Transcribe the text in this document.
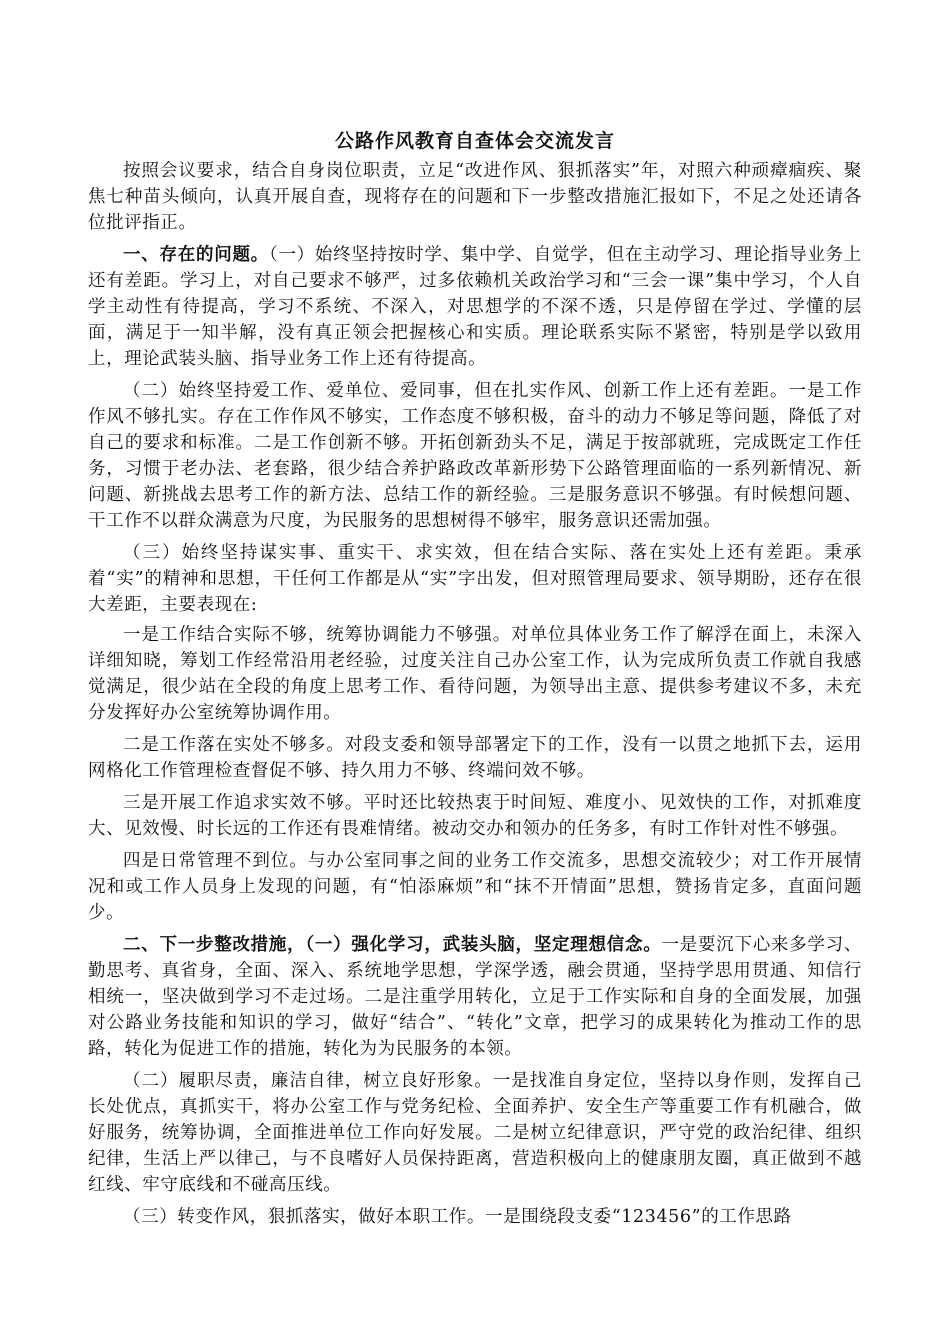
公路作风教育自查体会交流发言

按照会议要求，结合自身岗位职责，立足“改进作风、狠抓落实”年，对照六种顽瘴痼疾、聚焦七种苗头倾向，认真开展自查，现将存在的问题和下一步整改措施汇报如下，不足之处还请各位批评指正。

一、存在的问题。（一）始终坚持按时学、集中学、自觉学，但在主动学习、理论指导业务上还有差距。学习上，对自己要求不够严，过多依赖机关政治学习和“三会一课”集中学习，个人自学主动性有待提高，学习不系统、不深入，对思想学的不深不透，只是停留在学过、学懂的层面，满足于一知半解，没有真正领会把握核心和实质。理论联系实际不紧密，特别是学以致用上，理论武装头脑、指导业务工作上还有待提高。

（二）始终坚持爱工作、爱单位、爱同事，但在扎实作风、创新工作上还有差距。一是工作作风不够扎实。存在工作作风不够实，工作态度不够积极，奋斗的动力不够足等问题，降低了对自己的要求和标准。二是工作创新不够。开拓创新劲头不足，满足于按部就班，完成既定工作任务，习惯于老办法、老套路，很少结合养护路政改革新形势下公路管理面临的一系列新情况、新问题、新挑战去思考工作的新方法、总结工作的新经验。三是服务意识不够强。有时候想问题、干工作不以群众满意为尺度，为民服务的思想树得不够牢，服务意识还需加强。

（三）始终坚持谋实事、重实干、求实效，但在结合实际、落在实处上还有差距。秉承着“实”的精神和思想，干任何工作都是从“实”字出发，但对照管理局要求、领导期盼，还存在很大差距，主要表现在:

一是工作结合实际不够，统筹协调能力不够强。对单位具体业务工作了解浮在面上，未深入详细知晓，筹划工作经常沿用老经验，过度关注自己办公室工作，认为完成所负责工作就自我感觉满足，很少站在全段的角度上思考工作、看待问题，为领导出主意、提供参考建议不多，未充分发挥好办公室统筹协调作用。

二是工作落在实处不够多。对段支委和领导部署定下的工作，没有一以贯之地抓下去，运用网格化工作管理检查督促不够、持久用力不够、终端问效不够。

三是开展工作追求实效不够。平时还比较热衷于时间短、难度小、见效快的工作，对抓难度大、见效慢、时长远的工作还有畏难情绪。被动交办和领办的任务多，有时工作针对性不够强。

四是日常管理不到位。与办公室同事之间的业务工作交流多，思想交流较少；对工作开展情况和或工作人员身上发现的问题，有“怕添麻烦”和“抹不开情面”思想，赞扬肯定多，直面问题少。

二、下一步整改措施，（一）强化学习，武装头脑，坚定理想信念。一是要沉下心来多学习、勤思考、真省身，全面、深入、系统地学思想，学深学透，融会贯通，坚持学思用贯通、知信行相统一，坚决做到学习不走过场。二是注重学用转化，立足于工作实际和自身的全面发展，加强对公路业务技能和知识的学习，做好“结合”、“转化”文章，把学习的成果转化为推动工作的思路，转化为促进工作的措施，转化为为民服务的本领。

（二）履职尽责，廉洁自律，树立良好形象。一是找准自身定位，坚持以身作则，发挥自己长处优点，真抓实干，将办公室工作与党务纪检、全面养护、安全生产等重要工作有机融合，做好服务，统筹协调，全面推进单位工作向好发展。二是树立纪律意识，严守党的政治纪律、组织纪律，生活上严以律己，与不良嗜好人员保持距离，营造积极向上的健康朋友圈，真正做到不越红线、牢守底线和不碰高压线。

（三）转变作风，狠抓落实，做好本职工作。一是围绕段支委“123456”的工作思路
